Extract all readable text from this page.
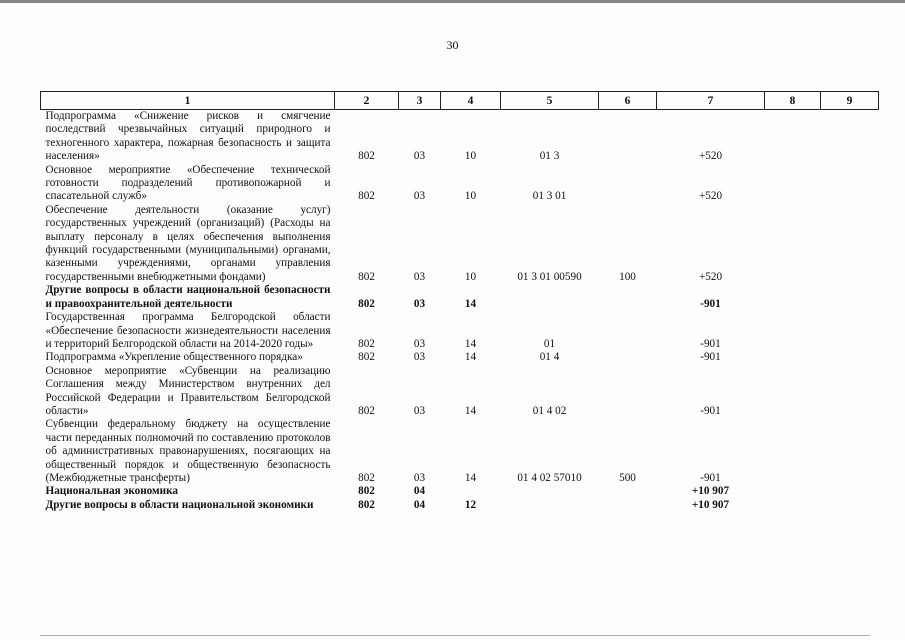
30
1	2	3	4	5	6	7	8	9
Подпрограмма «Снижение рисков и смягчение последствий чрезвычайных ситуаций природного и техногенного характера, пожарная безопасность и защита населения»	802	03	10	01 3		+520		
Основное мероприятие «Обеспечение технической готовности подразделений противопожарной и спасательной служб»	802	03	10	01 3 01		+520		
Обеспечение деятельности (оказание услуг) государственных учреждений (организаций) (Расходы на выплату персоналу в целях обеспечения выполнения функций государственными (муниципальными) органами, казенными учреждениями, органами управления государственными внебюджетными фондами)	802	03	10	01 3 01 00590	100	+520		
Другие вопросы в области национальной безопасности и правоохранительной деятельности	802	03	14			-901		
Государственная программа Белгородской области «Обеспечение безопасности жизнедеятельности населения и территорий Белгородской области на 2014-2020 годы»	802	03	14	01		-901		
Подпрограмма «Укрепление общественного порядка»	802	03	14	01 4		-901		
Основное мероприятие «Субвенции на реализацию Соглашения между Министерством внутренних дел Российской Федерации и Правительством Белгородской области»	802	03	14	01 4 02		-901		
Субвенции федеральному бюджету на осуществление части переданных полномочий по составлению протоколов об административных правонарушениях, посягающих на общественный порядок и общественную безопасность (Межбюджетные трансферты)	802	03	14	01 4 02 57010	500	-901		
Национальная экономика	802	04				+10 907		
Другие вопросы в области национальной экономики	802	04	12			+10 907		
